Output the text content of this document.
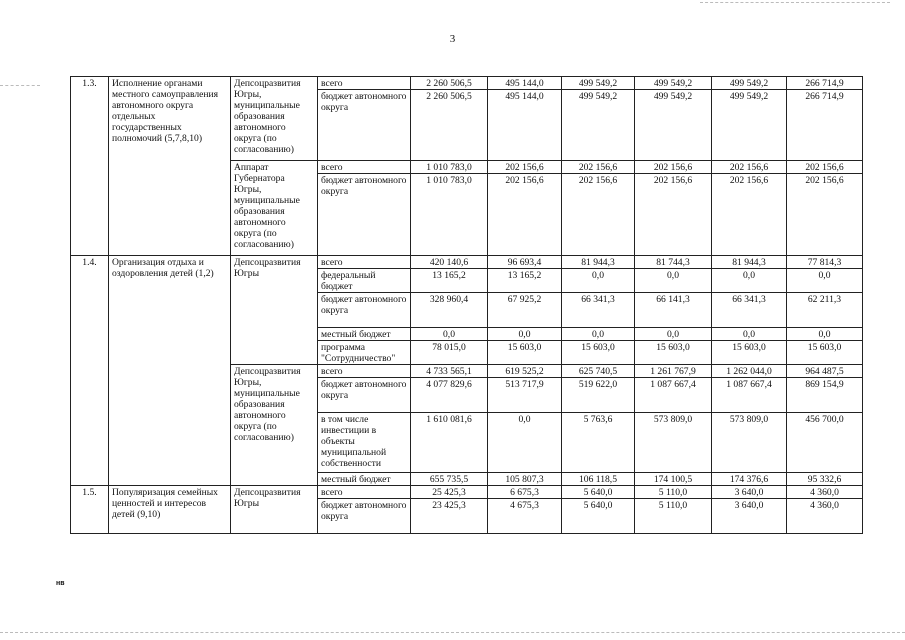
3
1.3.	Исполнение органами местного самоуправления автономного округа отдельных государственных полномочий (5,7,8,10)	Депсоцразвития Югры, муниципальные образования автономного округа (по согласованию)	всего	2 260 506,5	495 144,0	499 549,2	499 549,2	499 549,2	266 714,9
			бюджет автономного округа	2 260 506,5	495 144,0	499 549,2	499 549,2	499 549,2	266 714,9
		Аппарат Губернатора Югры, муниципальные образования автономного округа (по согласованию)	всего	1 010 783,0	202 156,6	202 156,6	202 156,6	202 156,6	202 156,6
			бюджет автономного округа	1 010 783,0	202 156,6	202 156,6	202 156,6	202 156,6	202 156,6
1.4.	Организация отдыха и оздоровления детей (1,2)	Депсоцразвития Югры	всего	420 140,6	96 693,4	81 944,3	81 744,3	81 944,3	77 814,3
			федеральный бюджет	13 165,2	13 165,2	0,0	0,0	0,0	0,0
			бюджет автономного округа	328 960,4	67 925,2	66 341,3	66 141,3	66 341,3	62 211,3
			местный бюджет	0,0	0,0	0,0	0,0	0,0	0,0
			программа "Сотрудничество"	78 015,0	15 603,0	15 603,0	15 603,0	15 603,0	15 603,0
		Депсоцразвития Югры, муниципальные образования автономного округа (по согласованию)	всего	4 733 565,1	619 525,2	625 740,5	1 261 767,9	1 262 044,0	964 487,5
			бюджет автономного округа	4 077 829,6	513 717,9	519 622,0	1 087 667,4	1 087 667,4	869 154,9
			в том числе инвестиции в объекты муниципальной собственности	1 610 081,6	0,0	5 763,6	573 809,0	573 809,0	456 700,0
			местный бюджет	655 735,5	105 807,3	106 118,5	174 100,5	174 376,6	95 332,6
1.5.	Популяризация семейных ценностей и интересов детей (9,10)	Депсоцразвития Югры	всего	25 425,3	6 675,3	5 640,0	5 110,0	3 640,0	4 360,0
			бюджет автономного округа	23 425,3	4 675,3	5 640,0	5 110,0	3 640,0	4 360,0
нв
